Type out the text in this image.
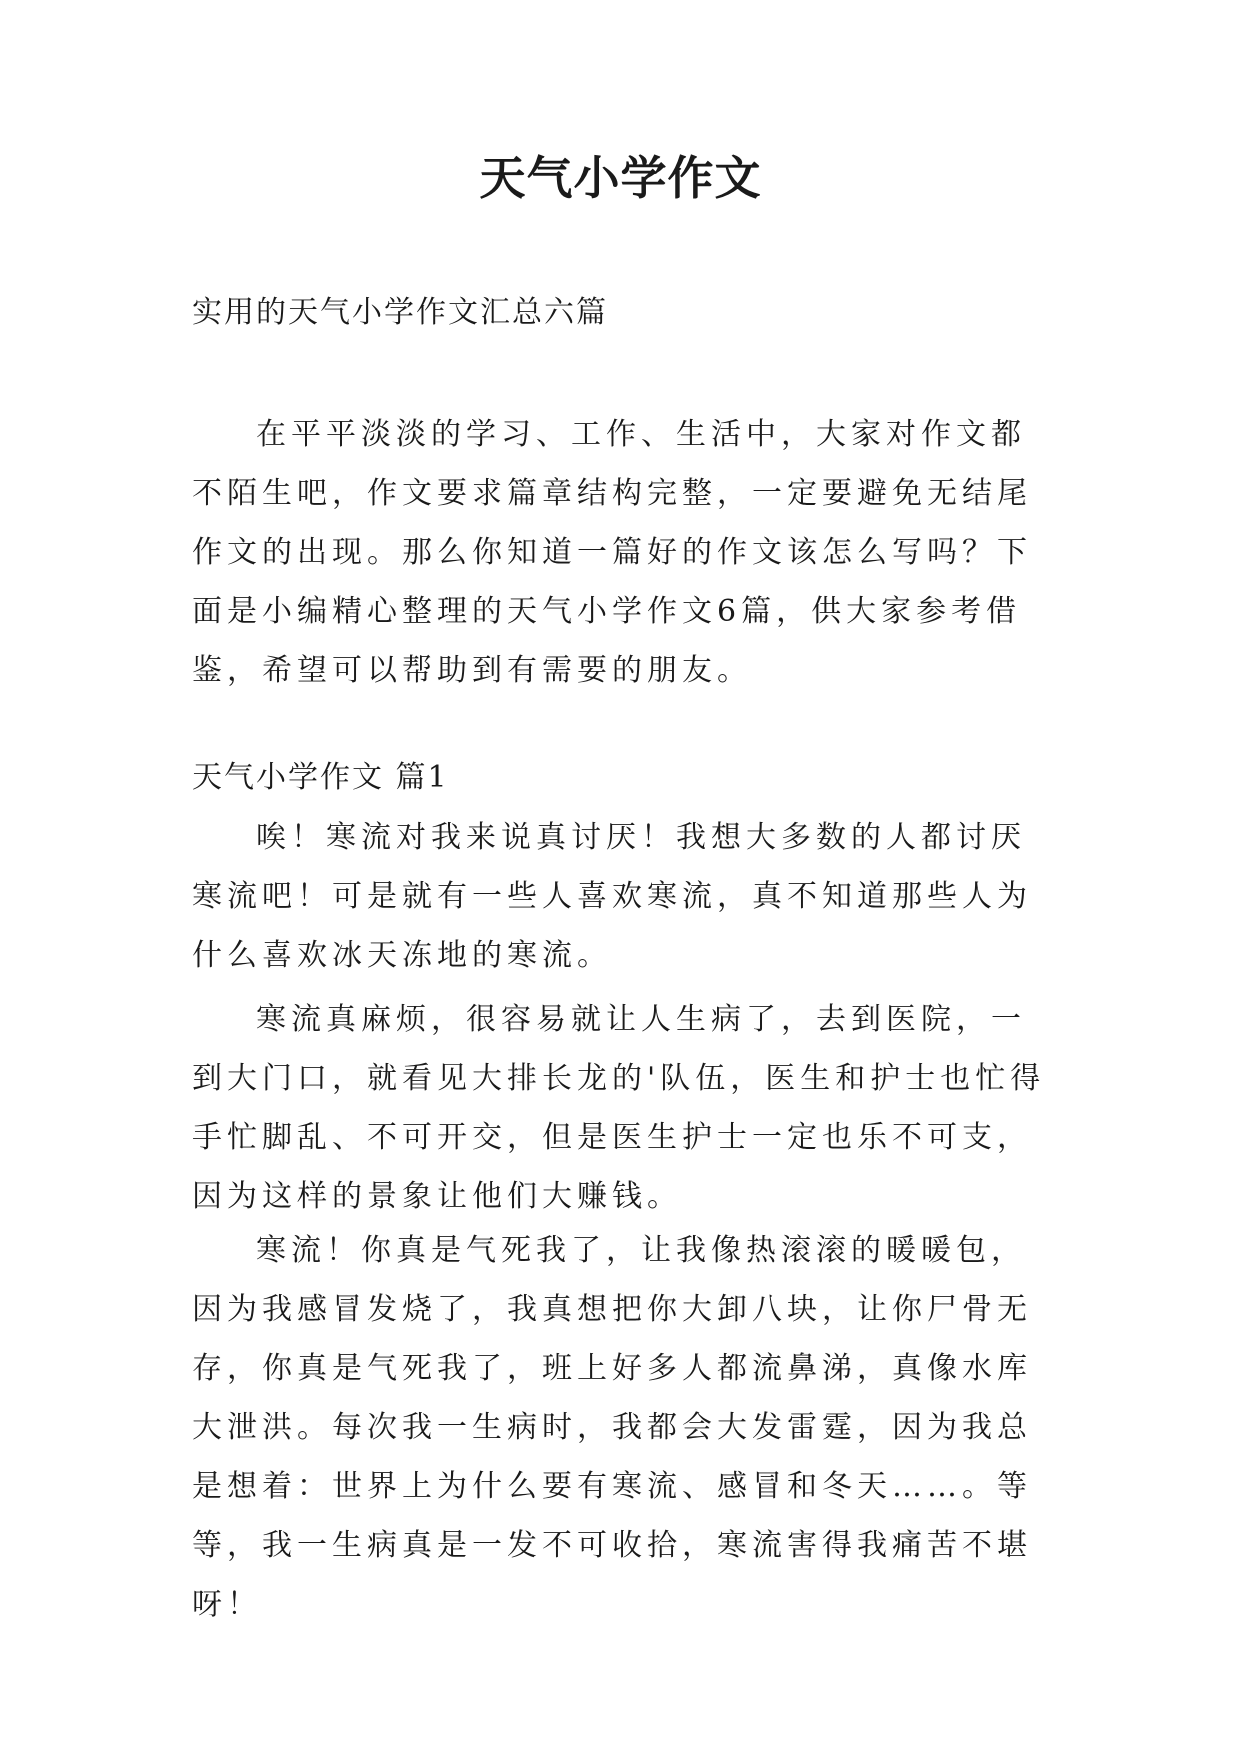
天气小学作文

实用的天气小学作文汇总六篇

在平平淡淡的学习、工作、生活中，大家对作文都不陌生吧，作文要求篇章结构完整，一定要避免无结尾作文的出现。那么你知道一篇好的作文该怎么写吗？下面是小编精心整理的天气小学作文6篇，供大家参考借鉴，希望可以帮助到有需要的朋友。

天气小学作文 篇1

唉！寒流对我来说真讨厌！我想大多数的人都讨厌寒流吧！可是就有一些人喜欢寒流，真不知道那些人为什么喜欢冰天冻地的寒流。

寒流真麻烦，很容易就让人生病了，去到医院，一到大门口，就看见大排长龙的'队伍，医生和护士也忙得手忙脚乱、不可开交，但是医生护士一定也乐不可支，因为这样的景象让他们大赚钱。

寒流！你真是气死我了，让我像热滚滚的暖暖包，因为我感冒发烧了，我真想把你大卸八块，让你尸骨无存，你真是气死我了，班上好多人都流鼻涕，真像水库 大泄洪。每次我一生病时，我都会大发雷霆，因为我总是想着：世界上为什么要有寒流、感冒和冬天……。等等，我一生病真是一发不可收拾，寒流害得我痛苦不堪 呀！
